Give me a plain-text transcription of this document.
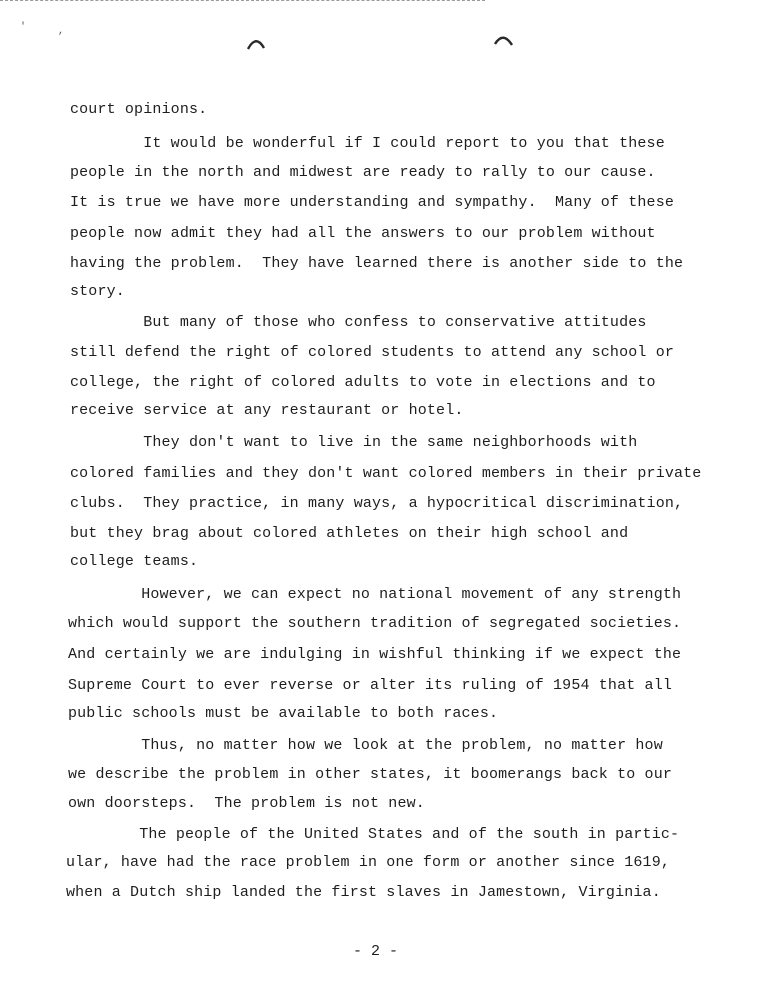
'	,
court opinions.
It would be wonderful if I could report to you that these
people in the north and midwest are ready to rally to our cause.
It is true we have more understanding and sympathy.  Many of these
people now admit they had all the answers to our problem without
having the problem.  They have learned there is another side to the
story.
But many of those who confess to conservative attitudes
still defend the right of colored students to attend any school or
college, the right of colored adults to vote in elections and to
receive service at any restaurant or hotel.
They don't want to live in the same neighborhoods with
colored families and they don't want colored members in their private
clubs.  They practice, in many ways, a hypocritical discrimination,
but they brag about colored athletes on their high school and
college teams.
However, we can expect no national movement of any strength
which would support the southern tradition of segregated societies.
And certainly we are indulging in wishful thinking if we expect the
Supreme Court to ever reverse or alter its ruling of 1954 that all
public schools must be available to both races.
Thus, no matter how we look at the problem, no matter how
we describe the problem in other states, it boomerangs back to our
own doorsteps.  The problem is not new.
The people of the United States and of the south in partic-
ular, have had the race problem in one form or another since 1619,
when a Dutch ship landed the first slaves in Jamestown, Virginia.
- 2 -
